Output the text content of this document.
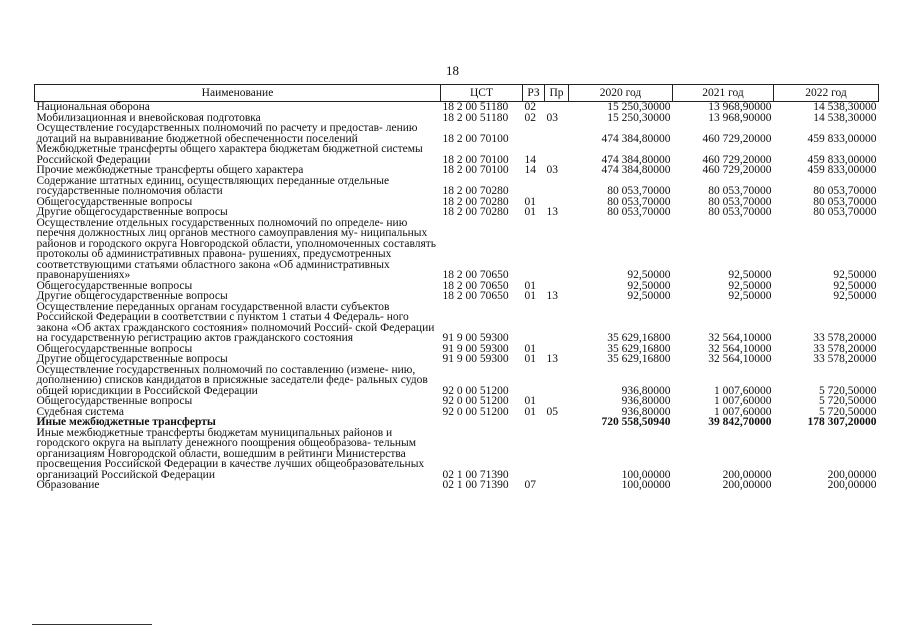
18
Наименование	ЦСТ	РЗ	Пр	2020 год	2021 год	2022 год
Национальная оборона	18 2 00 51180	02		15 250,30000	13 968,90000	14 538,30000
Мобилизационная и вневойсковая подготовка	18 2 00 51180	02	03	15 250,30000	13 968,90000	14 538,30000
Осуществление государственных полномочий по расчету и предостав- лению дотаций на выравнивание бюджетной обеспеченности поселений	18 2 00 70100			474 384,80000	460 729,20000	459 833,00000
Межбюджетные трансферты общего характера бюджетам бюджетной системы Российской Федерации	18 2 00 70100	14		474 384,80000	460 729,20000	459 833,00000
Прочие межбюджетные трансферты общего характера	18 2 00 70100	14	03	474 384,80000	460 729,20000	459 833,00000
Содержание штатных единиц, осуществляющих переданные отдельные государственные полномочия области	18 2 00 70280			80 053,70000	80 053,70000	80 053,70000
Общегосударственные вопросы	18 2 00 70280	01		80 053,70000	80 053,70000	80 053,70000
Другие общегосударственные вопросы	18 2 00 70280	01	13	80 053,70000	80 053,70000	80 053,70000
Осуществление отдельных государственных полномочий по определе- нию перечня должностных лиц органов местного самоуправления му- ниципальных районов и городского округа Новгородской области, уполномоченных составлять протоколы об административных правона- рушениях, предусмотренных соответствующими статьями областного закона «Об административных правонарушениях»	18 2 00 70650			92,50000	92,50000	92,50000
Общегосударственные вопросы	18 2 00 70650	01		92,50000	92,50000	92,50000
Другие общегосударственные вопросы	18 2 00 70650	01	13	92,50000	92,50000	92,50000
Осуществление переданных органам государственной власти субъектов Российской Федерации в соответствии с пунктом 1 статьи 4 Федераль- ного закона «Об актах гражданского состояния» полномочий Россий- ской Федерации на государственную регистрацию актов гражданского состояния	91 9 00 59300			35 629,16800	32 564,10000	33 578,20000
Общегосударственные вопросы	91 9 00 59300	01		35 629,16800	32 564,10000	33 578,20000
Другие общегосударственные вопросы	91 9 00 59300	01	13	35 629,16800	32 564,10000	33 578,20000
Осуществление государственных полномочий по составлению (измене- нию, дополнению) списков кандидатов в присяжные заседатели феде- ральных судов общей юрисдикции в Российской Федерации	92 0 00 51200			936,80000	1 007,60000	5 720,50000
Общегосударственные вопросы	92 0 00 51200	01		936,80000	1 007,60000	5 720,50000
Судебная система	92 0 00 51200	01	05	936,80000	1 007,60000	5 720,50000
Иные межбюджетные трансферты				720 558,50940	39 842,70000	178 307,20000
Иные межбюджетные трансферты бюджетам муниципальных районов и городского округа на выплату денежного поощрения общеобразова- тельным организациям Новгородской области, вошедшим в рейтинги Министерства просвещения Российской Федерации в качестве лучших общеобразовательных организаций Российской Федерации	02 1 00 71390			100,00000	200,00000	200,00000
Образование	02 1 00 71390	07		100,00000	200,00000	200,00000
